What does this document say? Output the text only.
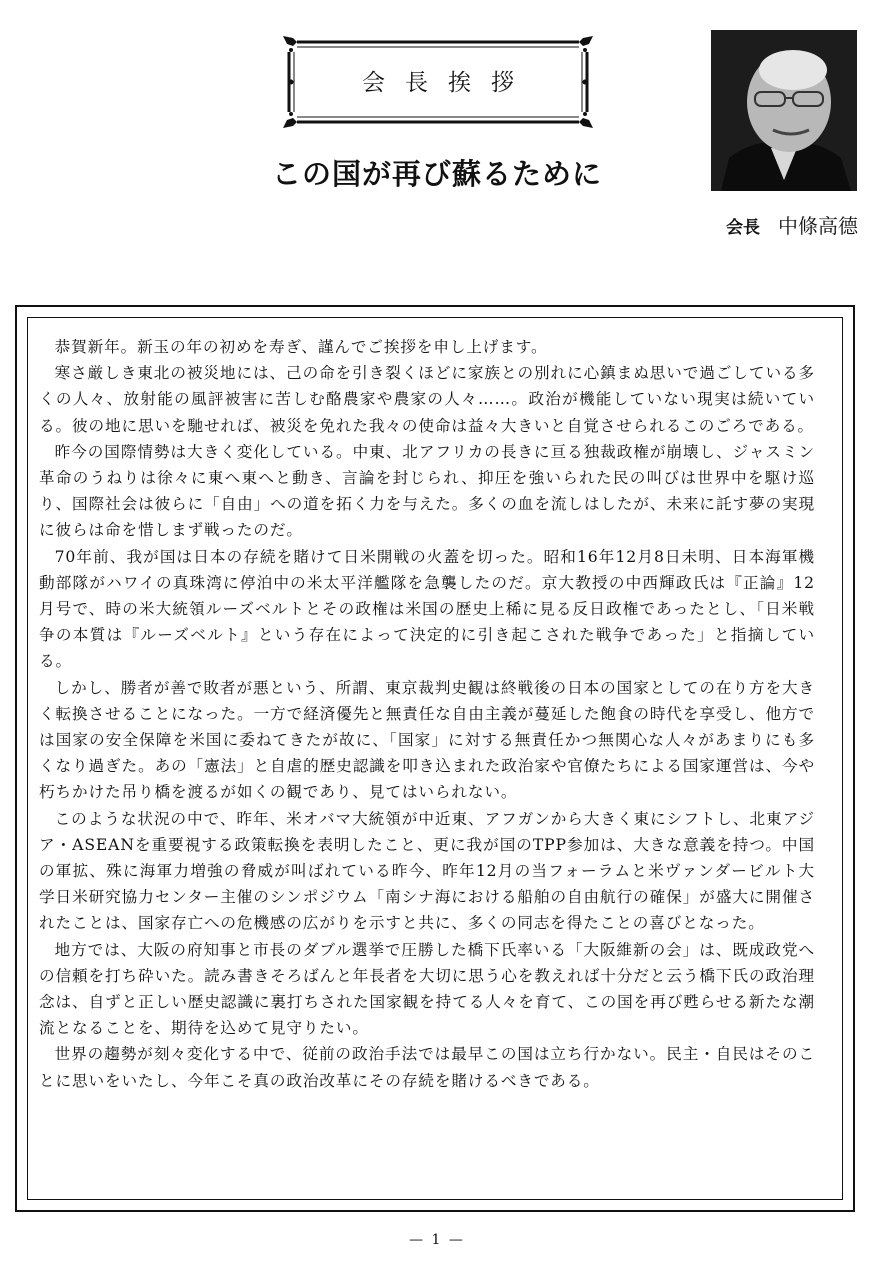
会長挨拶
この国が再び蘇るために
会長 中條高德

恭賀新年。新玉の年の初めを寿ぎ、謹んでご挨拶を申し上げます。

寒さ厳しき東北の被災地には、己の命を引き裂くほどに家族との別れに心鎮まぬ思いで過ごしている多くの人々、放射能の風評被害に苦しむ酪農家や農家の人々……。政治が機能していない現実は続いている。彼の地に思いを馳せれば、被災を免れた我々の使命は益々大きいと自覚させられるこのごろである。

昨今の国際情勢は大きく変化している。中東、北アフリカの長きに亘る独裁政権が崩壊し、ジャスミン革命のうねりは徐々に東へ東へと動き、言論を封じられ、抑圧を強いられた民の叫びは世界中を駆け巡り、国際社会は彼らに「自由」への道を拓く力を与えた。多くの血を流しはしたが、未来に託す夢の実現に彼らは命を惜しまず戦ったのだ。

70年前、我が国は日本の存続を賭けて日米開戦の火蓋を切った。昭和16年12月8日未明、日本海軍機動部隊がハワイの真珠湾に停泊中の米太平洋艦隊を急襲したのだ。京大教授の中西輝政氏は『正論』12月号で、時の米大統領ルーズベルトとその政権は米国の歴史上稀に見る反日政権であったとし、「日米戦争の本質は『ルーズベルト』という存在によって決定的に引き起こされた戦争であった」と指摘している。

しかし、勝者が善で敗者が悪という、所謂、東京裁判史観は終戦後の日本の国家としての在り方を大きく転換させることになった。一方で経済優先と無責任な自由主義が蔓延した飽食の時代を享受し、他方では国家の安全保障を米国に委ねてきたが故に、「国家」に対する無責任かつ無関心な人々があまりにも多くなり過ぎた。あの「憲法」と自虐的歴史認識を叩き込まれた政治家や官僚たちによる国家運営は、今や朽ちかけた吊り橋を渡るが如くの観であり、見てはいられない。

このような状況の中で、昨年、米オバマ大統領が中近東、アフガンから大きく東にシフトし、北東アジア・ASEANを重要視する政策転換を表明したこと、更に我が国のTPP参加は、大きな意義を持つ。中国の軍拡、殊に海軍力増強の脅威が叫ばれている昨今、昨年12月の当フォーラムと米ヴァンダービルト大学日米研究協力センター主催のシンポジウム「南シナ海における船舶の自由航行の確保」が盛大に開催されたことは、国家存亡への危機感の広がりを示すと共に、多くの同志を得たことの喜びとなった。

地方では、大阪の府知事と市長のダブル選挙で圧勝した橋下氏率いる「大阪維新の会」は、既成政党への信頼を打ち砕いた。読み書きそろばんと年長者を大切に思う心を教えれば十分だと云う橋下氏の政治理念は、自ずと正しい歴史認識に裏打ちされた国家観を持てる人々を育て、この国を再び甦らせる新たな潮流となることを、期待を込めて見守りたい。

世界の趨勢が刻々変化する中で、従前の政治手法では最早この国は立ち行かない。民主・自民はそのことに思いをいたし、今年こそ真の政治改革にその存続を賭けるべきである。

— 1 —
